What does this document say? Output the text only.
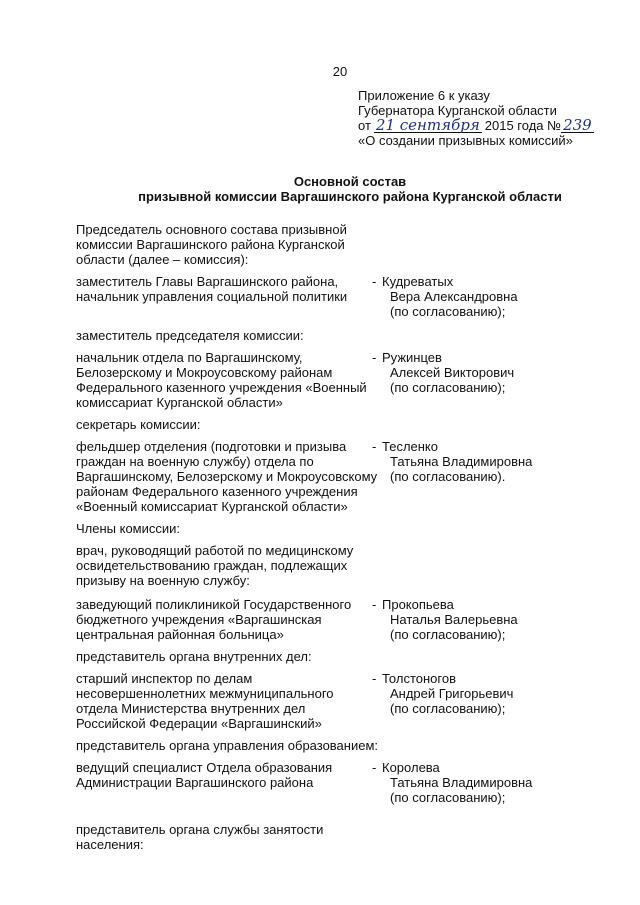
20
Приложение 6 к указу
Губернатора Курганской области
от 21 сентября 2015 года № 239
«О создании призывных комиссий»
Основной состав
призывной комиссии Варгашинского района Курганской области
Председатель основного состава призывной
комиссии Варгашинского района Курганской
области (далее – комиссия):
заместитель Главы Варгашинского района,
начальник управления социальной политики
- Кудреватых
Вера Александровна
(по согласованию);
заместитель председателя комиссии:
начальник отдела по Варгашинскому,
Белозерскому и Мокроусовскому районам
Федерального казенного учреждения «Военный
комиссариат Курганской области»
- Ружинцев
Алексей Викторович
(по согласованию);
секретарь комиссии:
фельдшер отделения (подготовки и призыва
граждан на военную службу) отдела по
Варгашинскому, Белозерскому и Мокроусовскому
районам Федерального казенного учреждения
«Военный комиссариат Курганской области»
- Тесленко
Татьяна Владимировна
(по согласованию).
Члены комиссии:
врач, руководящий работой по медицинскому
освидетельствованию граждан, подлежащих
призыву на военную службу:
заведующий поликлиникой Государственного
бюджетного учреждения «Варгашинская
центральная районная больница»
- Прокопьева
Наталья Валерьевна
(по согласованию);
представитель органа внутренних дел:
старший инспектор по делам
несовершеннолетних межмуниципального
отдела Министерства внутренних дел
Российской Федерации «Варгашинский»
- Толстоногов
Андрей Григорьевич
(по согласованию);
представитель органа управления образованием:
ведущий специалист Отдела образования
Администрации Варгашинского района
- Королева
Татьяна Владимировна
(по согласованию);
представитель органа службы занятости
населения:
